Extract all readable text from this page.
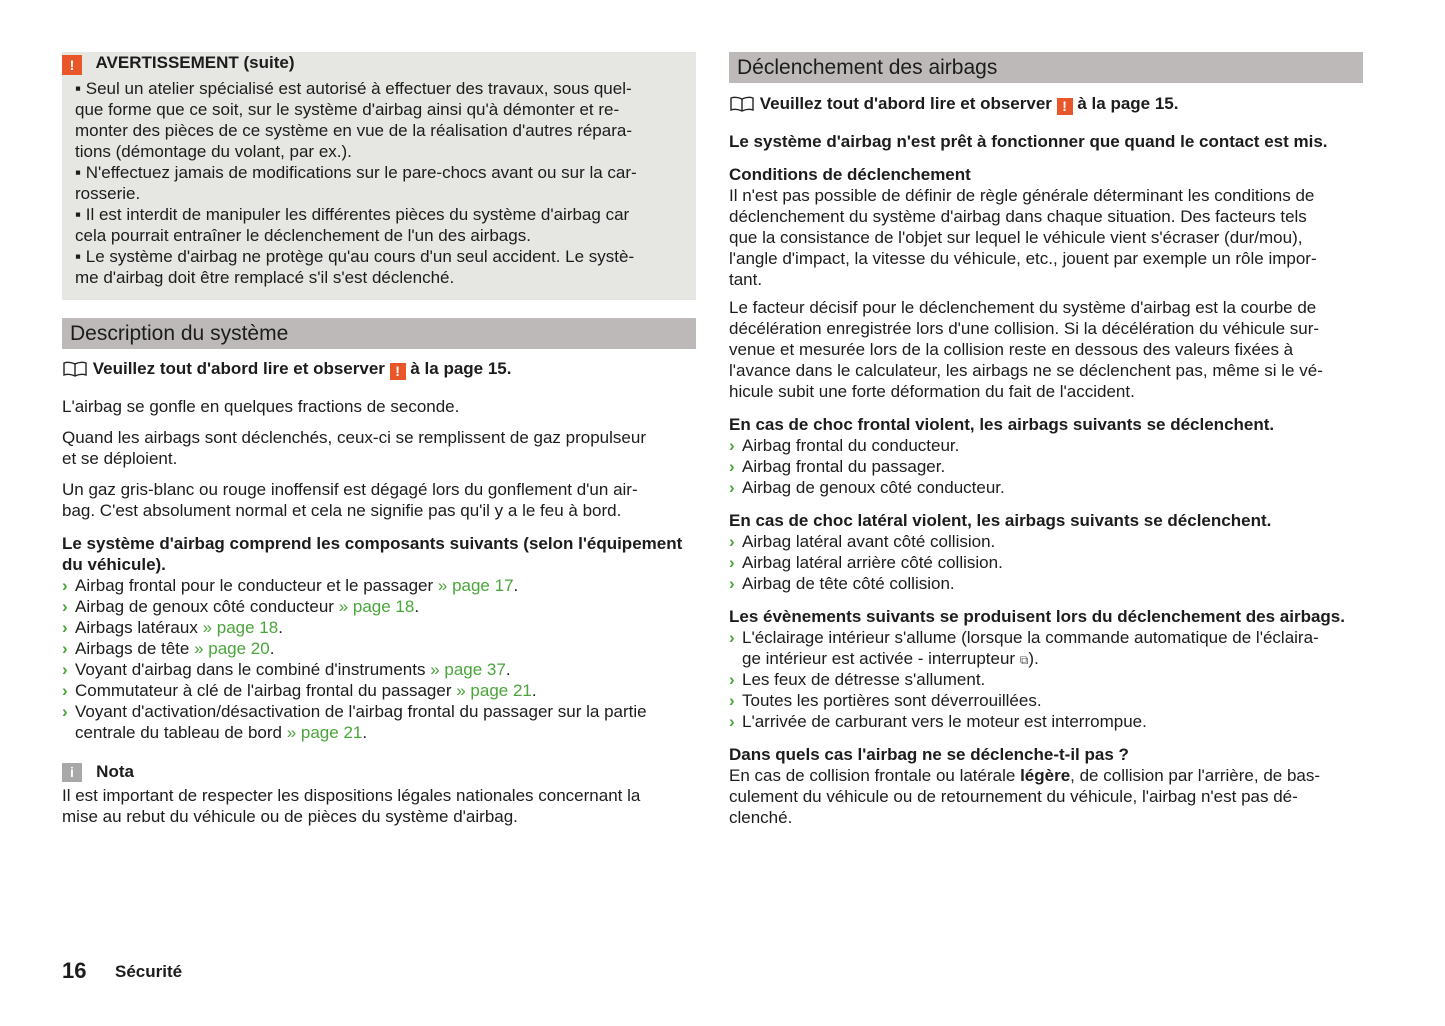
! AVERTISSEMENT (suite)
▪ Seul un atelier spécialisé est autorisé à effectuer des travaux, sous quel-
que forme que ce soit, sur le système d'airbag ainsi qu'à démonter et re-
monter des pièces de ce système en vue de la réalisation d'autres répara-
tions (démontage du volant, par ex.).
▪ N'effectuez jamais de modifications sur le pare-chocs avant ou sur la car-
rosserie.
▪ Il est interdit de manipuler les différentes pièces du système d'airbag car
cela pourrait entraîner le déclenchement de l'un des airbags.
▪ Le système d'airbag ne protège qu'au cours d'un seul accident. Le systè-
me d'airbag doit être remplacé s'il s'est déclenché.
Description du système
Veuillez tout d'abord lire et observer ! à la page 15.
L'airbag se gonfle en quelques fractions de seconde.
Quand les airbags sont déclenchés, ceux-ci se remplissent de gaz propulseur
et se déploient.
Un gaz gris-blanc ou rouge inoffensif est dégagé lors du gonflement d'un air-
bag. C'est absolument normal et cela ne signifie pas qu'il y a le feu à bord.
Le système d'airbag comprend les composants suivants (selon l'équipement
du véhicule).
› Airbag frontal pour le conducteur et le passager » page 17.
› Airbag de genoux côté conducteur » page 18.
› Airbags latéraux » page 18.
› Airbags de tête » page 20.
› Voyant d'airbag dans le combiné d'instruments » page 37.
› Commutateur à clé de l'airbag frontal du passager » page 21.
› Voyant d'activation/désactivation de l'airbag frontal du passager sur la partie
centrale du tableau de bord » page 21.
i Nota
Il est important de respecter les dispositions légales nationales concernant la
mise au rebut du véhicule ou de pièces du système d'airbag.
Déclenchement des airbags
Veuillez tout d'abord lire et observer ! à la page 15.
Le système d'airbag n'est prêt à fonctionner que quand le contact est mis.
Conditions de déclenchement
Il n'est pas possible de définir de règle générale déterminant les conditions de
déclenchement du système d'airbag dans chaque situation. Des facteurs tels
que la consistance de l'objet sur lequel le véhicule vient s'écraser (dur/mou),
l'angle d'impact, la vitesse du véhicule, etc., jouent par exemple un rôle impor-
tant.
Le facteur décisif pour le déclenchement du système d'airbag est la courbe de
décélération enregistrée lors d'une collision. Si la décélération du véhicule sur-
venue et mesurée lors de la collision reste en dessous des valeurs fixées à
l'avance dans le calculateur, les airbags ne se déclenchent pas, même si le vé-
hicule subit une forte déformation du fait de l'accident.
En cas de choc frontal violent, les airbags suivants se déclenchent.
› Airbag frontal du conducteur.
› Airbag frontal du passager.
› Airbag de genoux côté conducteur.
En cas de choc latéral violent, les airbags suivants se déclenchent.
› Airbag latéral avant côté collision.
› Airbag latéral arrière côté collision.
› Airbag de tête côté collision.
Les évènements suivants se produisent lors du déclenchement des airbags.
› L'éclairage intérieur s'allume (lorsque la commande automatique de l'éclaira-
ge intérieur est activée - interrupteur ⧉).
› Les feux de détresse s'allument.
› Toutes les portières sont déverrouillées.
› L'arrivée de carburant vers le moteur est interrompue.
Dans quels cas l'airbag ne se déclenche-t-il pas ?
En cas de collision frontale ou latérale légère, de collision par l'arrière, de bas-
culement du véhicule ou de retournement du véhicule, l'airbag n'est pas dé-
clenché.
16 Sécurité
